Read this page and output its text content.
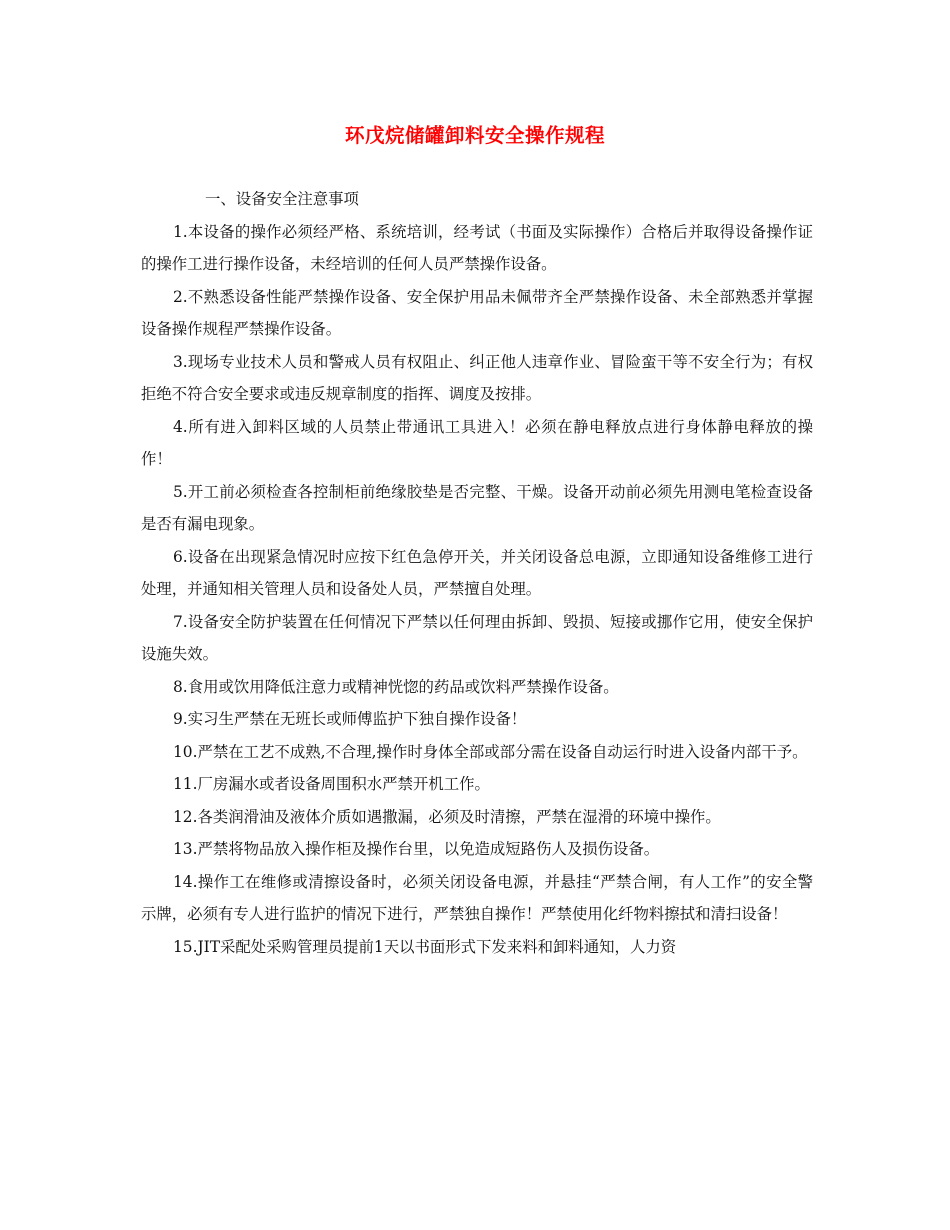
环戊烷储罐卸料安全操作规程

一、设备安全注意事项

1.本设备的操作必须经严格、系统培训，经考试（书面及实际操作）合格后并取得设备操作证的操作工进行操作设备，未经培训的任何人员严禁操作设备。

2.不熟悉设备性能严禁操作设备、安全保护用品未佩带齐全严禁操作设备、未全部熟悉并掌握设备操作规程严禁操作设备。

3.现场专业技术人员和警戒人员有权阻止、纠正他人违章作业、冒险蛮干等不安全行为；有权拒绝不符合安全要求或违反规章制度的指挥、调度及按排。

4.所有进入卸料区域的人员禁止带通讯工具进入！必须在静电释放点进行身体静电释放的操作！

5.开工前必须检查各控制柜前绝缘胶垫是否完整、干燥。设备开动前必须先用测电笔检查设备是否有漏电现象。

6.设备在出现紧急情况时应按下红色急停开关，并关闭设备总电源，立即通知设备维修工进行处理，并通知相关管理人员和设备处人员，严禁擅自处理。

7.设备安全防护装置在任何情况下严禁以任何理由拆卸、毁损、短接或挪作它用，使安全保护设施失效。

8.食用或饮用降低注意力或精神恍惚的药品或饮料严禁操作设备。

9.实习生严禁在无班长或师傅监护下独自操作设备！

10.严禁在工艺不成熟,不合理,操作时身体全部或部分需在设备自动运行时进入设备内部干予。

11.厂房漏水或者设备周围积水严禁开机工作。

12.各类润滑油及液体介质如遇撒漏，必须及时清擦，严禁在湿滑的环境中操作。

13.严禁将物品放入操作柜及操作台里，以免造成短路伤人及损伤设备。

14.操作工在维修或清擦设备时，必须关闭设备电源，并悬挂“严禁合闸，有人工作”的安全警示牌，必须有专人进行监护的情况下进行，严禁独自操作！严禁使用化纤物料擦拭和清扫设备！

15.JIT采配处采购管理员提前1天以书面形式下发来料和卸料通知，人力资
